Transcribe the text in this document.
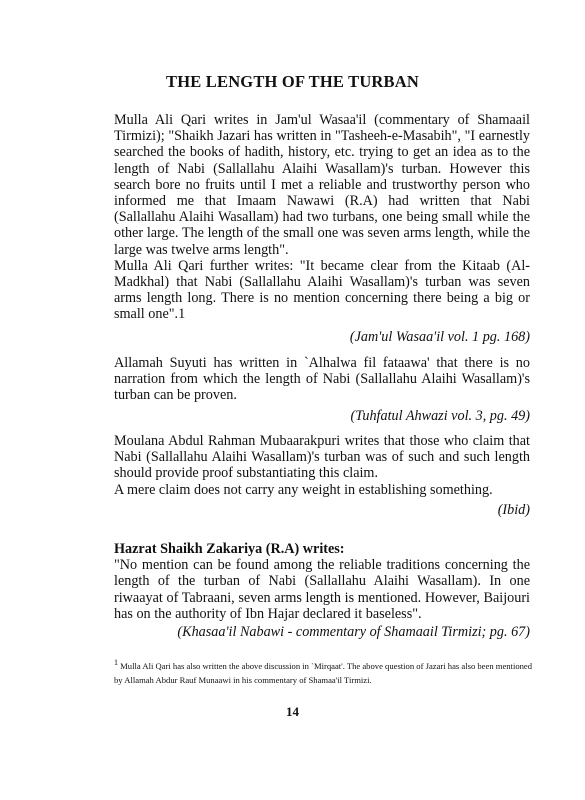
THE LENGTH OF THE TURBAN

Mulla Ali Qari writes in Jam'ul Wasaa'il (commentary of Shamaail Tirmizi); "Shaikh Jazari has written in "Tasheeh-e-Masabih", "I earnestly searched the books of hadith, history, etc. trying to get an idea as to the length of Nabi (Sallallahu Alaihi Wasallam)'s turban. However this search bore no fruits until I met a reliable and trustworthy person who informed me that Imaam Nawawi (R.A) had written that Nabi (Sallallahu Alaihi Wasallam) had two turbans, one being small while the other large. The length of the small one was seven arms length, while the large was twelve arms length".

Mulla Ali Qari further writes: "It became clear from the Kitaab (Al-Madkhal) that Nabi (Sallallahu Alaihi Wasallam)'s turban was seven arms length long. There is no mention concerning there being a big or small one".1

(Jam'ul Wasaa'il vol. 1 pg. 168)

Allamah Suyuti has written in `Alhalwa fil fataawa' that there is no narration from which the length of Nabi (Sallallahu Alaihi Wasallam)'s turban can be proven.

(Tuhfatul Ahwazi vol. 3, pg. 49)

Moulana Abdul Rahman Mubaarakpuri writes that those who claim that Nabi (Sallallahu Alaihi Wasallam)'s turban was of such and such length should provide proof substantiating this claim.

A mere claim does not carry any weight in establishing something.

(Ibid)

Hazrat Shaikh Zakariya (R.A) writes:

"No mention can be found among the reliable traditions concerning the length of the turban of Nabi (Sallallahu Alaihi Wasallam). In one riwaayat of Tabraani, seven arms length is mentioned. However, Baijouri has on the authority of Ibn Hajar declared it baseless".

(Khasaa'il Nabawi - commentary of Shamaail Tirmizi; pg. 67)
$^1$ Mulla Ali Qari has also written the above discussion in `Mirqaat'. The above question of Jazari has also been mentioned by Allamah Abdur Rauf Munaawi in his commentary of Shamaa'il Tirmizi.
14
